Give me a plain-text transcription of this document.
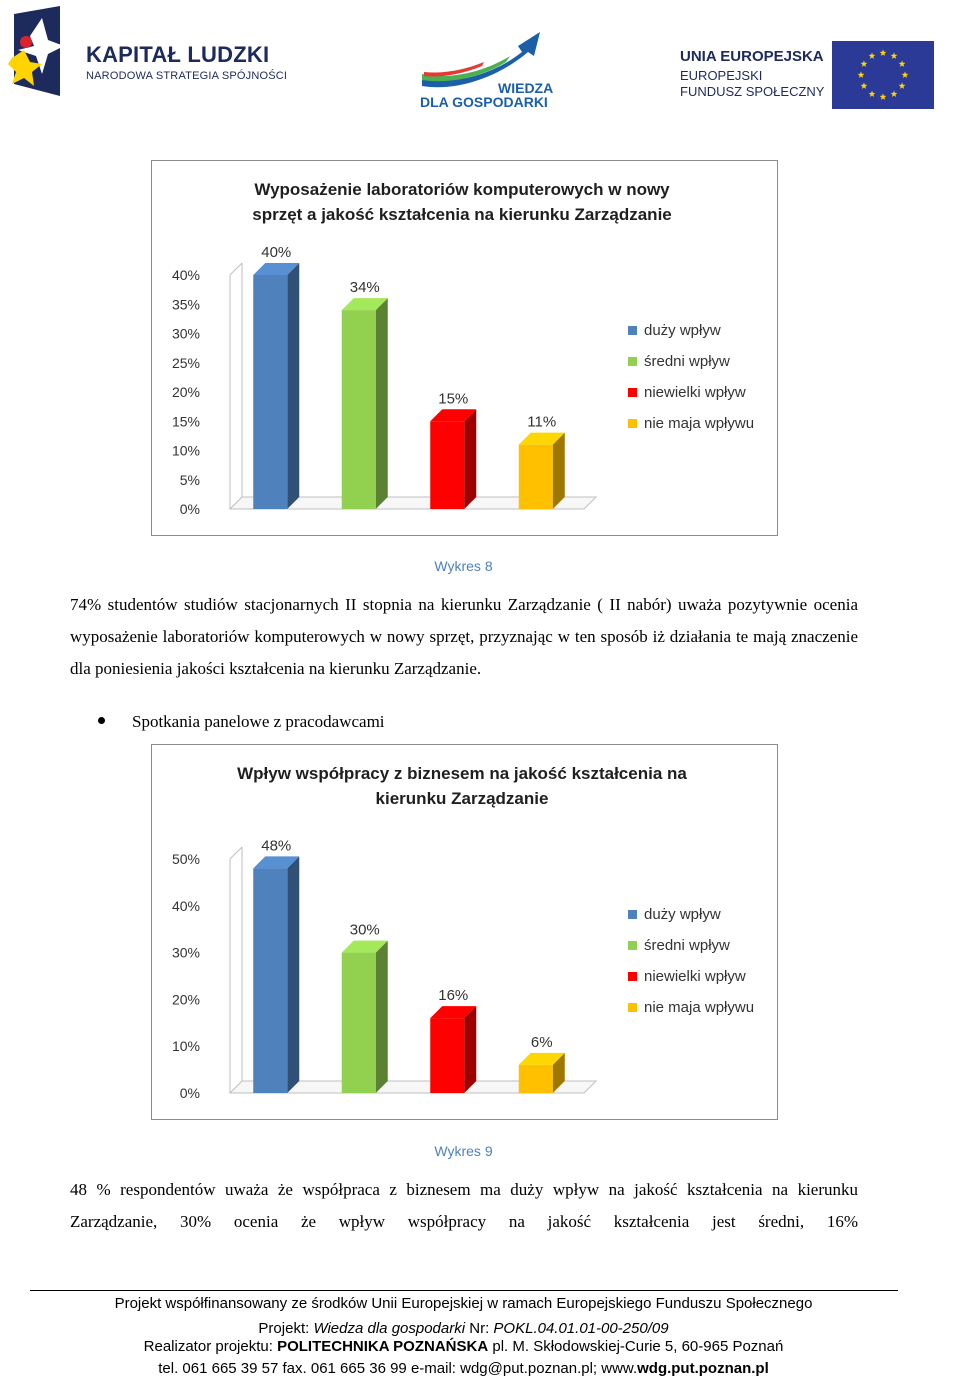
KAPITAŁ LUDZKI
NARODOWA STRATEGIA SPÓJNOŚCI
WIEDZA
DLA GOSPODARKI
UNIA EUROPEJSKA
EUROPEJSKI
FUNDUSZ SPOŁECZNY
0%
5%
10%
15%
20%
25%
30%
35%
40%
40%
34%
15%
11%
duży wpływ
średni wpływ
niewielki wpływ
nie maja wpływu
Wyposażenie laboratoriów komputerowych w nowy
sprzęt a jakość kształcenia na kierunku Zarządzanie
Wykres 8
74% studentów studiów stacjonarnych II stopnia na kierunku Zarządzanie ( II nabór) uważa pozytywnie ocenia wyposażenie laboratoriów komputerowych w nowy sprzęt, przyznając w ten sposób iż działania te mają znaczenie dla poniesienia jakości kształcenia na kierunku Zarządzanie.
Spotkania panelowe z pracodawcami
0%
10%
20%
30%
40%
50%
48%
30%
16%
6%
duży wpływ
średni wpływ
niewielki wpływ
nie maja wpływu
Wpływ współpracy z biznesem na jakość kształcenia na
kierunku Zarządzanie
Wykres 9
48 % respondentów uważa że współpraca z biznesem ma duży wpływ na jakość kształcenia na kierunku Zarządzanie, 30% ocenia że wpływ współpracy na jakość kształcenia jest średni, 16%
Projekt współfinansowany ze środków Unii Europejskiej w ramach Europejskiego Funduszu Społecznego
Projekt: Wiedza dla gospodarki Nr: POKL.04.01.01-00-250/09
Realizator projektu: POLITECHNIKA POZNAŃSKA pl. M. Skłodowskiej-Curie 5, 60-965 Poznań
tel. 061 665 39 57 fax. 061 665 36 99 e-mail: wdg@put.poznan.pl; www.wdg.put.poznan.pl
